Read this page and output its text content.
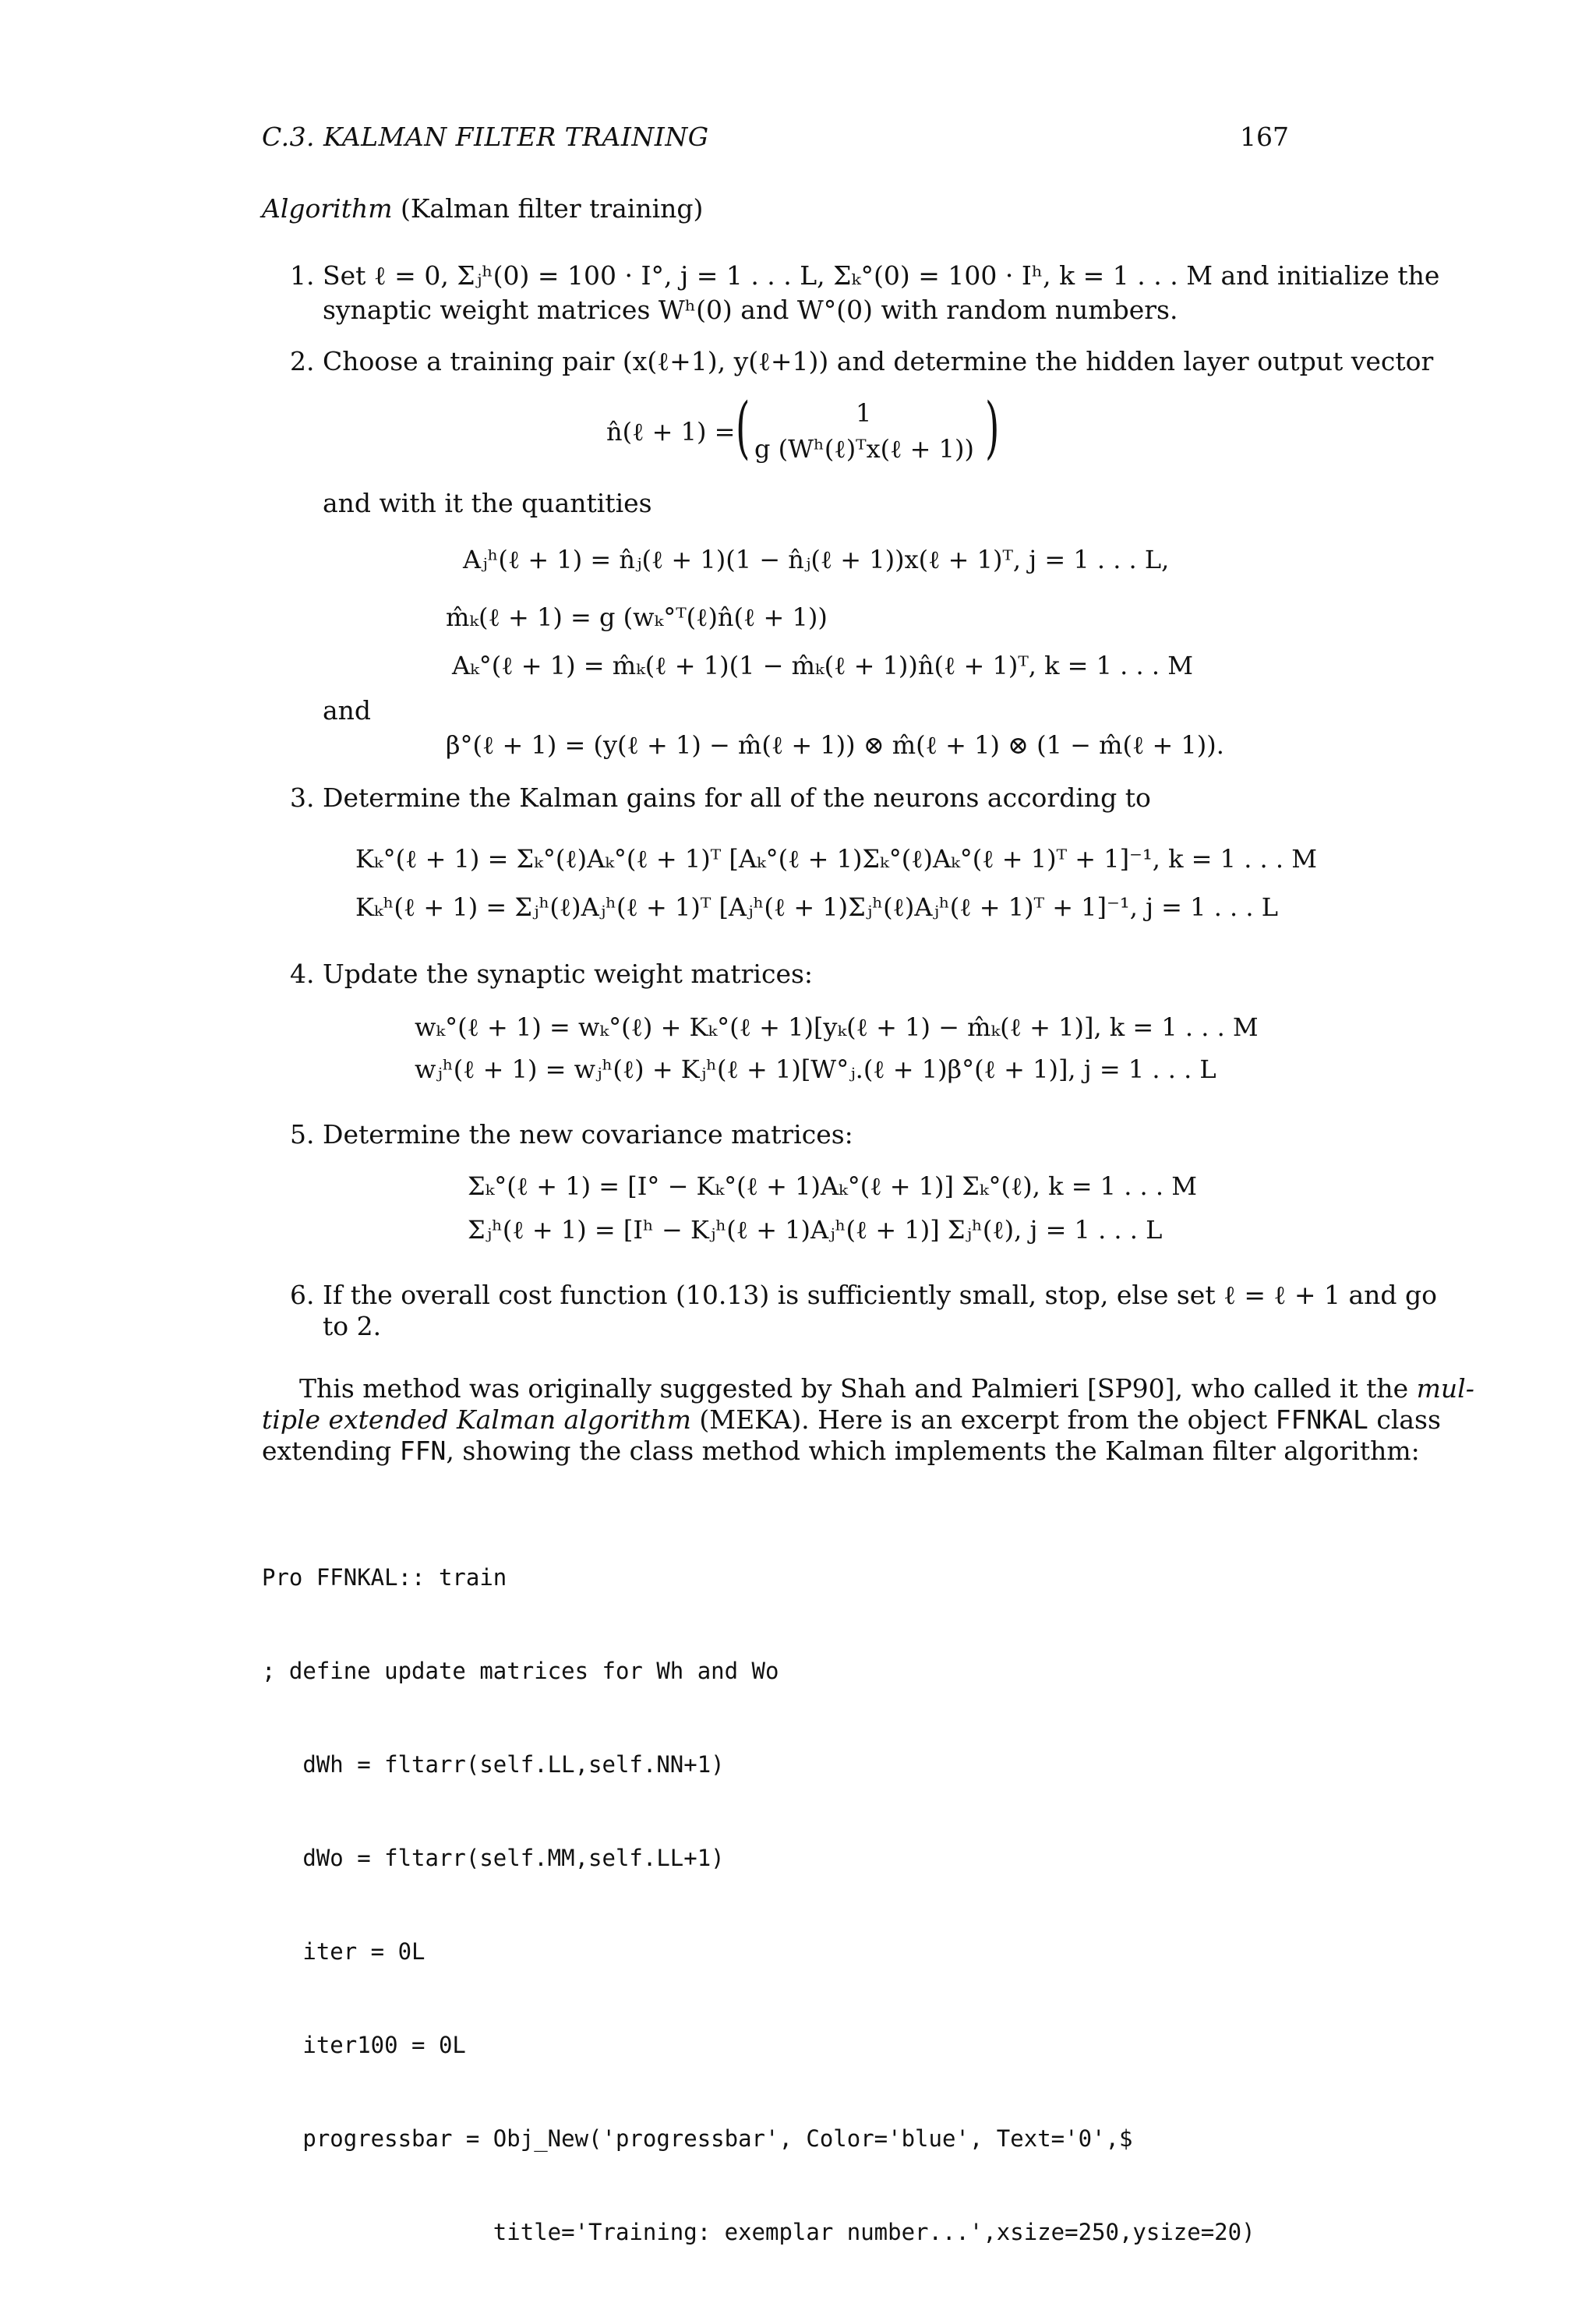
C.3. KALMAN FILTER TRAINING	167
Algorithm (Kalman filter training)
1. Set ℓ = 0, Σⱼʰ(0) = 100 · I°, j = 1 . . . L, Σₖ°(0) = 100 · Iʰ, k = 1 . . . M and initialize the
synaptic weight matrices Wʰ(0) and W°(0) with random numbers.
2. Choose a training pair (x(ℓ+1), y(ℓ+1)) and determine the hidden layer output vector
n̂(ℓ + 1) = (	1
g (Wʰ(ℓ)ᵀx(ℓ + 1)) )
and with it the quantities
Aⱼʰ(ℓ + 1) = n̂ⱼ(ℓ + 1)(1 − n̂ⱼ(ℓ + 1))x(ℓ + 1)ᵀ, j = 1 . . . L,
m̂ₖ(ℓ + 1) = g (wₖ°ᵀ(ℓ)n̂(ℓ + 1))
Aₖ°(ℓ + 1) = m̂ₖ(ℓ + 1)(1 − m̂ₖ(ℓ + 1))n̂(ℓ + 1)ᵀ, k = 1 . . . M
and
β°(ℓ + 1) = (y(ℓ + 1) − m̂(ℓ + 1)) ⊗ m̂(ℓ + 1) ⊗ (1 − m̂(ℓ + 1)).
3. Determine the Kalman gains for all of the neurons according to
Kₖ°(ℓ + 1) = Σₖ°(ℓ)Aₖ°(ℓ + 1)ᵀ [Aₖ°(ℓ + 1)Σₖ°(ℓ)Aₖ°(ℓ + 1)ᵀ + 1]⁻¹, k = 1 . . . M
Kₖʰ(ℓ + 1) = Σⱼʰ(ℓ)Aⱼʰ(ℓ + 1)ᵀ [Aⱼʰ(ℓ + 1)Σⱼʰ(ℓ)Aⱼʰ(ℓ + 1)ᵀ + 1]⁻¹, j = 1 . . . L
4. Update the synaptic weight matrices:
wₖ°(ℓ + 1) = wₖ°(ℓ) + Kₖ°(ℓ + 1)[yₖ(ℓ + 1) − m̂ₖ(ℓ + 1)], k = 1 . . . M
wⱼʰ(ℓ + 1) = wⱼʰ(ℓ) + Kⱼʰ(ℓ + 1)[W°ⱼ.(ℓ + 1)β°(ℓ + 1)], j = 1 . . . L
5. Determine the new covariance matrices:
Σₖ°(ℓ + 1) = [I° − Kₖ°(ℓ + 1)Aₖ°(ℓ + 1)] Σₖ°(ℓ), k = 1 . . . M
Σⱼʰ(ℓ + 1) = [Iʰ − Kⱼʰ(ℓ + 1)Aⱼʰ(ℓ + 1)] Σⱼʰ(ℓ), j = 1 . . . L
6. If the overall cost function (10.13) is sufficiently small, stop, else set ℓ = ℓ + 1 and go
to 2.
This method was originally suggested by Shah and Palmieri [SP90], who called it the mul-
tiple extended Kalman algorithm (MEKA). Here is an excerpt from the object FFNKAL class
extending FFN, showing the class method which implements the Kalman filter algorithm:

Pro FFNKAL:: train

; define update matrices for Wh and Wo

dWh = fltarr(self.LL,self.NN+1)

dWo = fltarr(self.MM,self.LL+1)

iter = 0L

iter100 = 0L

progressbar = Obj_New('progressbar', Color='blue', Text='0',$

title='Training: exemplar number...',xsize=250,ysize=20)
